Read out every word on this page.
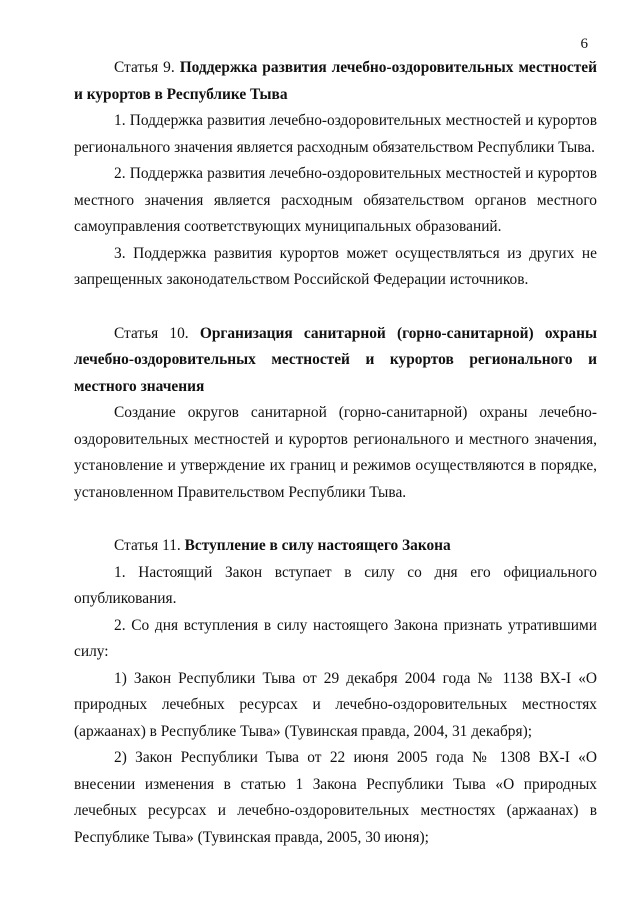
6

Статья 9. Поддержка развития лечебно-оздоровительных местностей и курортов в Республике Тыва

1. Поддержка развития лечебно-оздоровительных местностей и курортов регионального значения является расходным обязательством Республики Тыва.

2. Поддержка развития лечебно-оздоровительных местностей и курортов местного значения является расходным обязательством органов местного самоуправления соответствующих муниципальных образований.

3. Поддержка развития курортов может осуществляться из других не запрещенных законодательством Российской Федерации источников.

Статья 10. Организация санитарной (горно-санитарной) охраны лечебно-оздоровительных местностей и курортов регионального и местного значения

Создание округов санитарной (горно-санитарной) охраны лечебно-оздоровительных местностей и курортов регионального и местного значения, установление и утверждение их границ и режимов осуществляются в порядке, установленном Правительством Республики Тыва.

Статья 11. Вступление в силу настоящего Закона

1. Настоящий Закон вступает в силу со дня его официального опубликования.

2. Со дня вступления в силу настоящего Закона признать утратившими силу:

1) Закон Республики Тыва от 29 декабря 2004 года № 1138 ВХ-I «О природных лечебных ресурсах и лечебно-оздоровительных местностях (аржаанах) в Республике Тыва» (Тувинская правда, 2004, 31 декабря);

2) Закон Республики Тыва от 22 июня 2005 года № 1308 ВХ-I «О внесении изменения в статью 1 Закона Республики Тыва «О природных лечебных ресурсах и лечебно-оздоровительных местностях (аржаанах) в Республике Тыва» (Тувинская правда, 2005, 30 июня);
